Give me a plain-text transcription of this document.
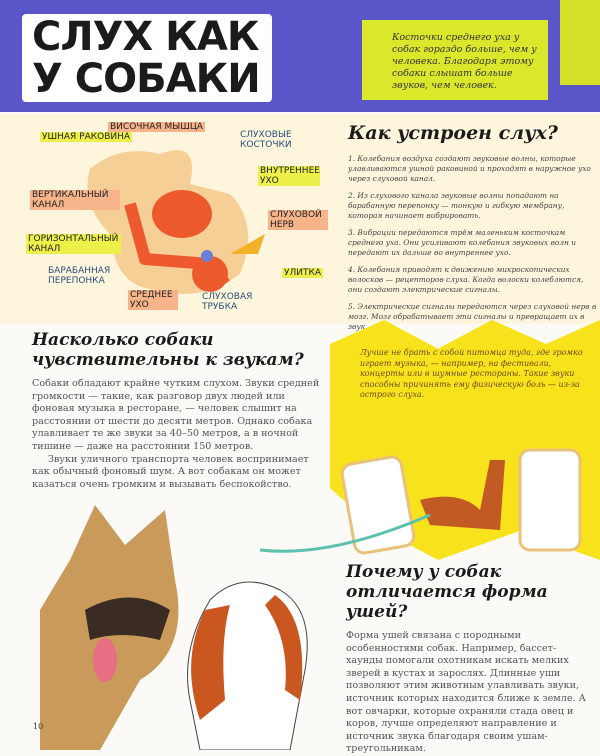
СЛУХ КАК У СОБАКИ
Косточки среднего уха у собак гораздо больше, чем у человека. Благодаря этому собаки слышат больше звуков, чем человек.
УШНАЯ РАКОВИНА
ВИСОЧНАЯ МЫШЦА
СЛУХОВЫЕ КОСТОЧКИ
ВНУТРЕННЕЕ УХО
ВЕРТИКАЛЬНЫЙ КАНАЛ
СЛУХОВОЙ НЕРВ
ГОРИЗОНТАЛЬНЫЙ КАНАЛ
БАРАБАННАЯ ПЕРЕПОНКА
УЛИТКА
СРЕДНЕЕ УХО
СЛУХОВАЯ ТРУБКА
Как устроен слух?
1. Колебания воздуха создают звуковые волны, которые улавливаются ушной раковиной и проходят в наружное ухо через слуховой канал.
2. Из слухового канала звуковые волны попадают на барабанную перепонку — тонкую и гибкую мембрану, которая начинает вибрировать.
3. Вибрации передаются трём маленьким косточкам среднего уха. Они усиливают колебания звуковых волн и передают их дальше во внутреннее ухо.
4. Колебания приводят к движению микроскопических волосков — рецепторов слуха. Когда волоски колеблются, они создают электрические сигналы.
5. Электрические сигналы передаются через слуховой нерв в мозг. Мозг обрабатывает эти сигналы и превращает их в звук.
Насколько собаки чувствительны к звукам?

Собаки обладают крайне чутким слухом. Звуки средней громкости — такие, как разговор двух людей или фоновая музыка в ресторане, — человек слышит на расстоянии от шести до десяти метров. Однако собака улавливает те же звуки за 40–50 метров, а в ночной тишине — даже на расстоянии 150 метров.

Звуки уличного транспорта человек воспринимает как обычный фоновый шум. А вот собакам он может казаться очень громким и вызывать беспокойство.

Лучше не брать с собой питомца туда, где громко играет музыка, — например, на фестивали, концерты или в шумные рестораны. Такие звуки способны причинять ему физическую боль — из-за острого слуха.
Почему у собак отличается форма ушей?

Форма ушей связана с породными особенностями собак. Например, бассет-хаунды помогали охотникам искать мелких зверей в кустах и зарослях. Длинные уши позволяют этим животным улавливать звуки, источник которых находится ближе к земле. А вот овчарки, которые охраняли стада овец и коров, лучше определяют направление и источник звука благодаря своим ушам-треугольникам.

10
